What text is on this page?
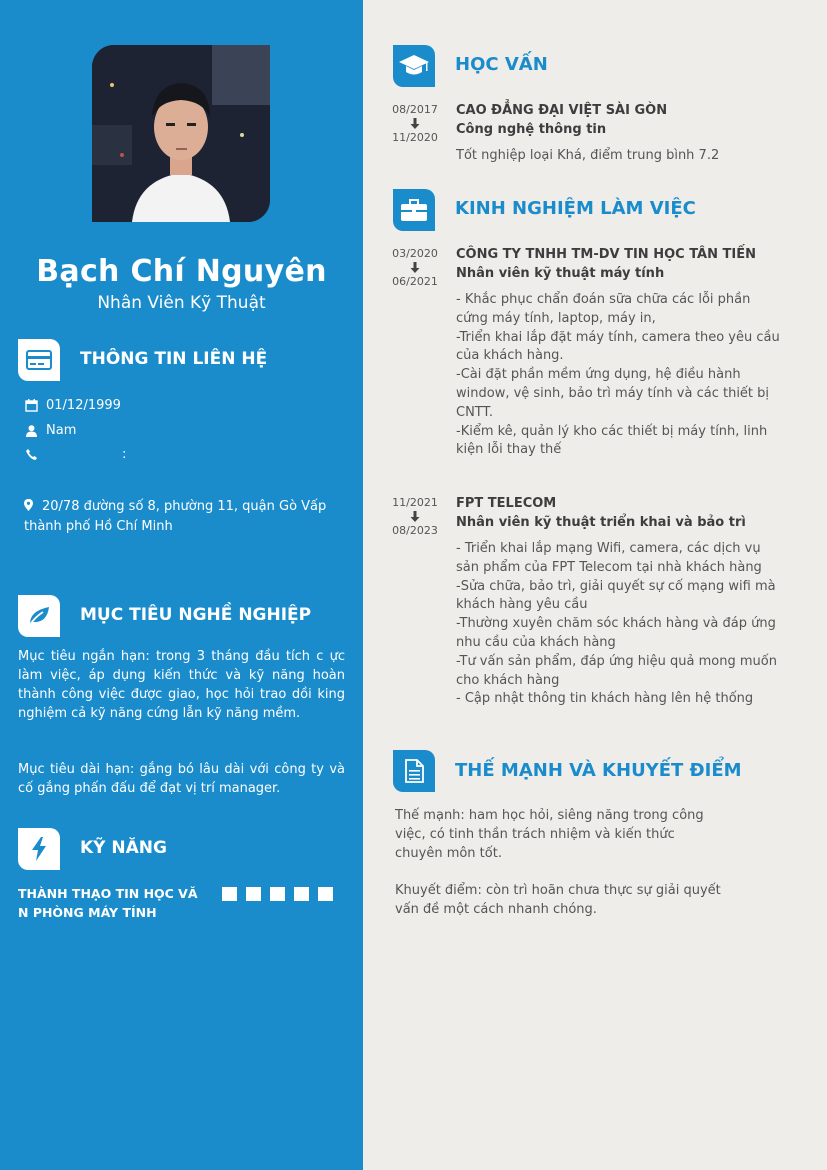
Bạch Chí Nguyên
Nhân Viên Kỹ Thuật
THÔNG TIN LIÊN HỆ
01/12/1999
Nam
:
20/78 đường số 8, phường 11, quận Gò Vấp thành phố Hồ Chí Minh
MỤC TIÊU NGHỀ NGHIỆP
Mục tiêu ngắn hạn: trong 3 tháng đầu tích c ực làm việc, áp dụng kiến thức và kỹ năng hoàn thành công việc được giao, học hỏi trao dồi king nghiệm cả kỹ năng cứng lẫn kỹ năng mềm.
Mục tiêu dài hạn: gắng bó lâu dài với công ty và cố gắng phấn đấu để đạt vị trí manager.
KỸ NĂNG
THÀNH THẠO TIN HỌC VĂ N PHÒNG MÁY TÍNH
HỌC VẤN
08/2017
11/2020
CAO ĐẲNG ĐẠI VIỆT SÀI GÒN
Công nghệ thông tin
Tốt nghiệp loại Khá, điểm trung bình 7.2
KINH NGHIỆM LÀM VIỆC
03/2020
06/2021
CÔNG TY TNHH TM-DV TIN HỌC TÂN TIẾN
Nhân viên kỹ thuật máy tính
- Khắc phục chẩn đoán sữa chữa các lỗi phần cứng máy tính, laptop, máy in,
-Triển khai lắp đặt máy tính, camera theo yêu cầu của khách hàng.
-Cài đặt phần mềm ứng dụng, hệ điều hành window, vệ sinh, bảo trì máy tính và các thiết bị CNTT.
-Kiểm kê, quản lý kho các thiết bị máy tính, linh kiện lỗi thay thế
11/2021
08/2023
FPT TELECOM
Nhân viên kỹ thuật triển khai và bảo trì
- Triển khai lắp mạng Wifi, camera, các dịch vụ sản phẩm của FPT Telecom tại nhà khách hàng
-Sửa chữa, bảo trì, giải quyết sự cố mạng wifi mà khách hàng yêu cầu
-Thường xuyên chăm sóc khách hàng và đáp ứng nhu cầu của khách hàng
-Tư vấn sản phẩm, đáp ứng hiệu quả mong muốn cho khách hàng
- Cập nhật thông tin khách hàng lên hệ thống
THẾ MẠNH VÀ KHUYẾT ĐIỂM
Thế mạnh: ham học hỏi, siêng năng trong công việc, có tinh thần trách nhiệm và kiến thức chuyên môn tốt.
Khuyết điểm: còn trì hoãn chưa thực sự giải quyết vấn đề một cách nhanh chóng.
